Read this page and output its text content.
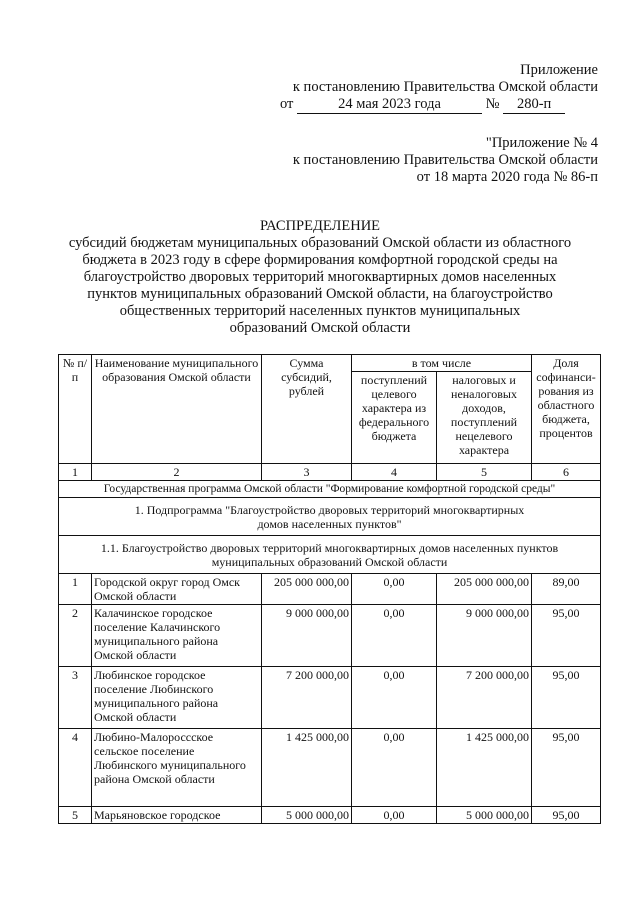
Приложение
к постановлению Правительства Омской области
от	24 мая 2023 года	№ 280-п
"Приложение № 4
к постановлению Правительства Омской области
от 18 марта 2020 года № 86-п
РАСПРЕДЕЛЕНИЕ
субсидий бюджетам муниципальных образований Омской области из областного
бюджета в 2023 году в сфере формирования комфортной городской среды на
благоустройство дворовых территорий многоквартирных домов населенных
пунктов муниципальных образований Омской области, на благоустройство
общественных территорий населенных пунктов муниципальных
образований Омской области
№ п/п	Наименование муниципального образования Омской области	Сумма субсидий, рублей	в том числе		Доля софинанси-рования из областного бюджета, процентов
			поступлений целевого характера из федерального бюджета	налоговых и неналоговых доходов, поступлений нецелевого характера	
1	2	3	4	5	6
Государственная программа Омской области "Формирование комфортной городской среды"					
1. Подпрограмма "Благоустройство дворовых территорий многоквартирных домов населенных пунктов"					
1.1. Благоустройство дворовых территорий многоквартирных домов населенных пунктов муниципальных образований Омской области					
1	Городской округ город Омск Омской области	205 000 000,00	0,00	205 000 000,00	89,00
2	Калачинское городское поселение Калачинского муниципального района Омской области	9 000 000,00	0,00	9 000 000,00	95,00
3	Любинское городское поселение Любинского муниципального района Омской области	7 200 000,00	0,00	7 200 000,00	95,00
4	Любино-Малороссское сельское поселение Любинского муниципального района Омской области	1 425 000,00	0,00	1 425 000,00	95,00
5	Марьяновское городское	5 000 000,00	0,00	5 000 000,00	95,00
